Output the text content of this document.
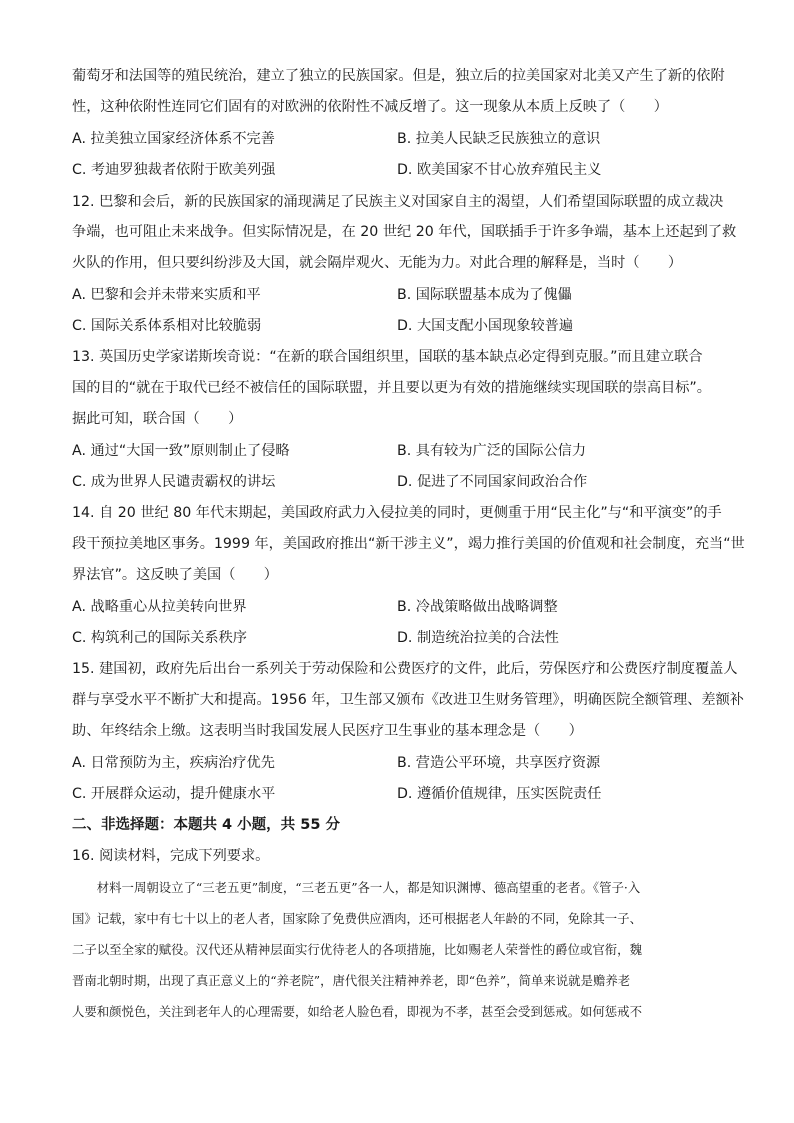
葡萄牙和法国等的殖民统治，建立了独立的民族国家。但是，独立后的拉美国家对北美又产生了新的依附
性，这种依附性连同它们固有的对欧洲的依附性不减反增了。这一现象从本质上反映了（　　）
A. 拉美独立国家经济体系不完善	B. 拉美人民缺乏民族独立的意识
C. 考迪罗独裁者依附于欧美列强	D. 欧美国家不甘心放弃殖民主义
12. 巴黎和会后，新的民族国家的涌现满足了民族主义对国家自主的渴望，人们希望国际联盟的成立裁决
争端，也可阻止未来战争。但实际情况是，在 20 世纪 20 年代，国联插手于许多争端，基本上还起到了救
火队的作用，但只要纠纷涉及大国，就会隔岸观火、无能为力。对此合理的解释是，当时（　　）
A. 巴黎和会并未带来实质和平	B. 国际联盟基本成为了傀儡
C. 国际关系体系相对比较脆弱	D. 大国支配小国现象较普遍
13. 英国历史学家诺斯埃奇说：“在新的联合国组织里，国联的基本缺点必定得到克服。”而且建立联合
国的目的“就在于取代已经不被信任的国际联盟，并且要以更为有效的措施继续实现国联的崇高目标”。
据此可知，联合国（　　）
A. 通过“大国一致”原则制止了侵略	B. 具有较为广泛的国际公信力
C. 成为世界人民谴责霸权的讲坛	D. 促进了不同国家间政治合作
14. 自 20 世纪 80 年代末期起，美国政府武力入侵拉美的同时，更侧重于用“民主化”与“和平演变”的手
段干预拉美地区事务。1999 年，美国政府推出“新干涉主义”，竭力推行美国的价值观和社会制度，充当“世
界法官”。这反映了美国（　　）
A. 战略重心从拉美转向世界	B. 冷战策略做出战略调整
C. 构筑利己的国际关系秩序	D. 制造统治拉美的合法性
15. 建国初，政府先后出台一系列关于劳动保险和公费医疗的文件，此后，劳保医疗和公费医疗制度覆盖人
群与享受水平不断扩大和提高。1956 年，卫生部又颁布《改进卫生财务管理》，明确医院全额管理、差额补
助、年终结余上缴。这表明当时我国发展人民医疗卫生事业的基本理念是（　　）
A. 日常预防为主，疾病治疗优先	B. 营造公平环境，共享医疗资源
C. 开展群众运动，提升健康水平	D. 遵循价值规律，压实医院责任
二、非选择题：本题共 4 小题，共 55 分
16. 阅读材料，完成下列要求。
　　材料一周朝设立了“三老五更”制度，“三老五更”各一人，都是知识渊博、德高望重的老者。《管子·入
国》记载，家中有七十以上的老人者，国家除了免费供应酒肉，还可根据老人年龄的不同，免除其一子、
二子以至全家的赋役。汉代还从精神层面实行优待老人的各项措施，比如赐老人荣誉性的爵位或官衔，魏
晋南北朝时期，出现了真正意义上的“养老院”，唐代很关注精神养老，即“色养”，简单来说就是赡养老
人要和颜悦色，关注到老年人的心理需要，如给老人脸色看，即视为不孝，甚至会受到惩戒。如何惩戒不
